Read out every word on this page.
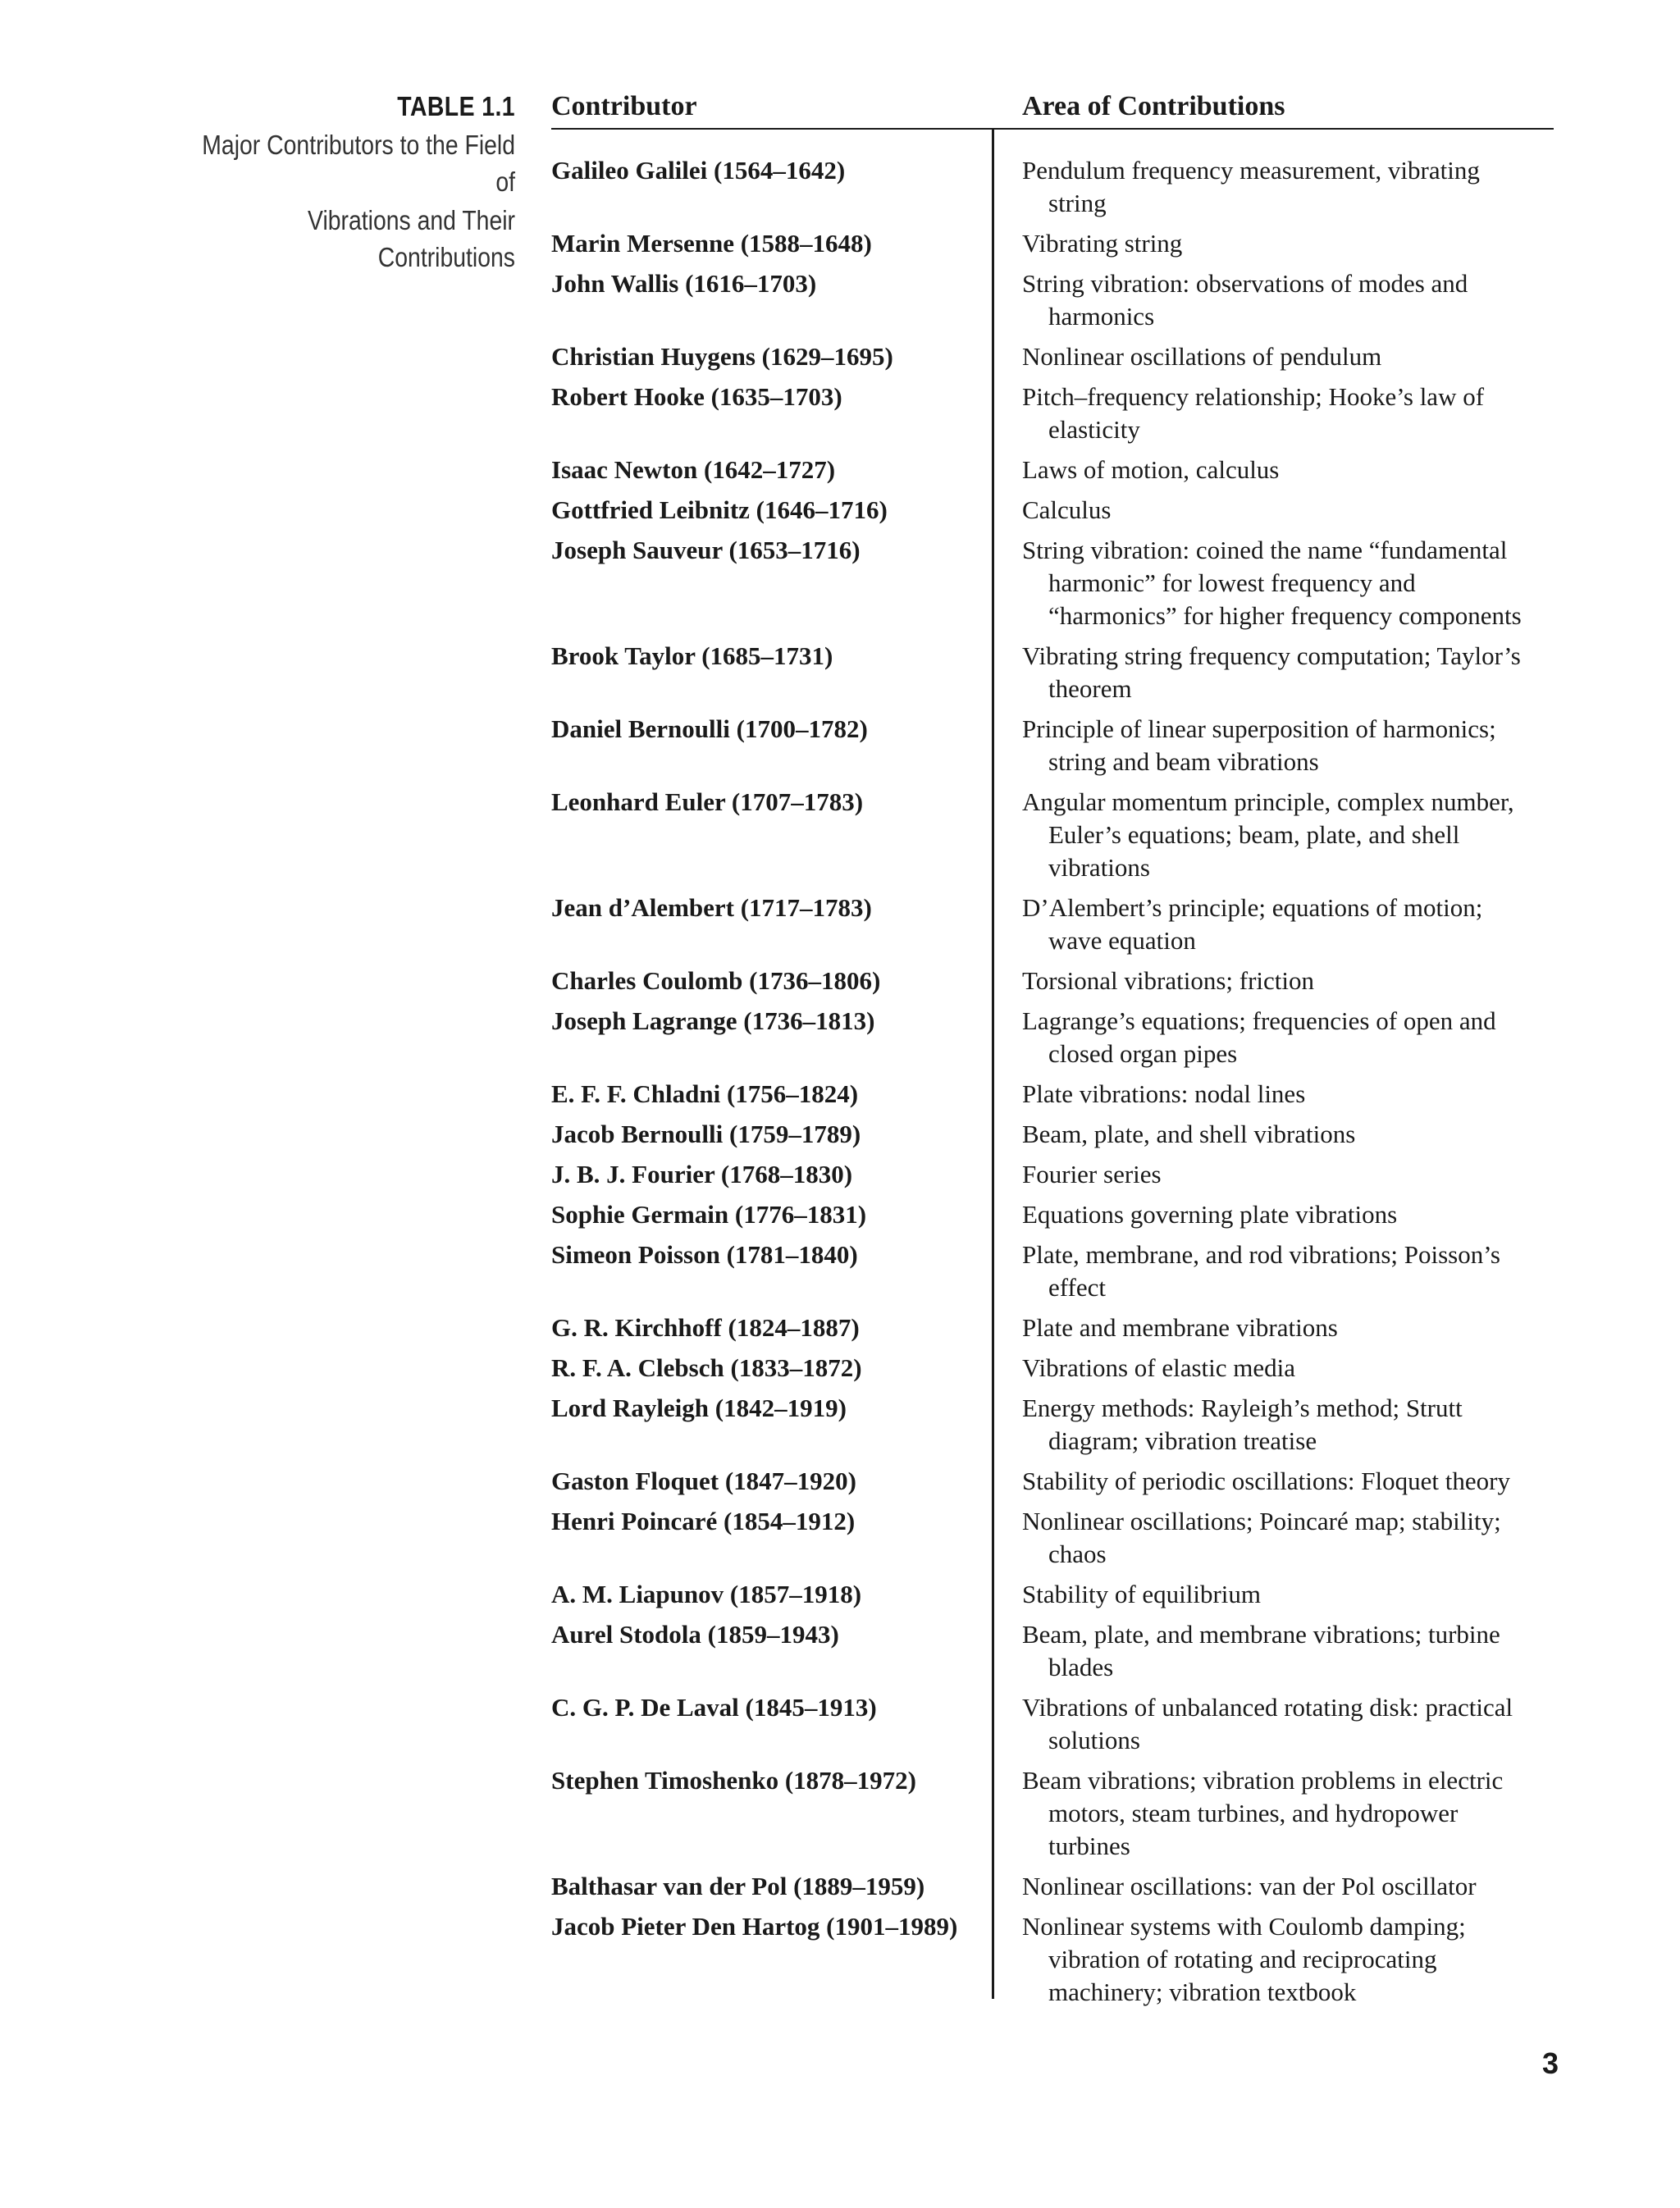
TABLE 1.1
Major Contributors to the Field of
Vibrations and Their Contributions
Contributor	Area of Contributions
Galileo Galilei (1564–1642)	Pendulum frequency measurement, vibrating string
Marin Mersenne (1588–1648)	Vibrating string
John Wallis (1616–1703)	String vibration: observations of modes and harmonics
Christian Huygens (1629–1695)	Nonlinear oscillations of pendulum
Robert Hooke (1635–1703)	Pitch–frequency relationship; Hooke’s law of elasticity
Isaac Newton (1642–1727)	Laws of motion, calculus
Gottfried Leibnitz (1646–1716)	Calculus
Joseph Sauveur (1653–1716)	String vibration: coined the name “fundamental harmonic” for lowest frequency and “harmonics” for higher frequency components
Brook Taylor (1685–1731)	Vibrating string frequency computation; Taylor’s theorem
Daniel Bernoulli (1700–1782)	Principle of linear superposition of harmonics; string and beam vibrations
Leonhard Euler (1707–1783)	Angular momentum principle, complex number, Euler’s equations; beam, plate, and shell vibrations
Jean d’Alembert (1717–1783)	D’Alembert’s principle; equations of motion; wave equation
Charles Coulomb (1736–1806)	Torsional vibrations; friction
Joseph Lagrange (1736–1813)	Lagrange’s equations; frequencies of open and closed organ pipes
E. F. F. Chladni (1756–1824)	Plate vibrations: nodal lines
Jacob Bernoulli (1759–1789)	Beam, plate, and shell vibrations
J. B. J. Fourier (1768–1830)	Fourier series
Sophie Germain (1776–1831)	Equations governing plate vibrations
Simeon Poisson (1781–1840)	Plate, membrane, and rod vibrations; Poisson’s effect
G. R. Kirchhoff (1824–1887)	Plate and membrane vibrations
R. F. A. Clebsch (1833–1872)	Vibrations of elastic media
Lord Rayleigh (1842–1919)	Energy methods: Rayleigh’s method; Strutt diagram; vibration treatise
Gaston Floquet (1847–1920)	Stability of periodic oscillations: Floquet theory
Henri Poincaré (1854–1912)	Nonlinear oscillations; Poincaré map; stability; chaos
A. M. Liapunov (1857–1918)	Stability of equilibrium
Aurel Stodola (1859–1943)	Beam, plate, and membrane vibrations; turbine blades
C. G. P. De Laval (1845–1913)	Vibrations of unbalanced rotating disk: practical solutions
Stephen Timoshenko (1878–1972)	Beam vibrations; vibration problems in electric motors, steam turbines, and hydropower turbines
Balthasar van der Pol (1889–1959)	Nonlinear oscillations: van der Pol oscillator
Jacob Pieter Den Hartog (1901–1989)	Nonlinear systems with Coulomb damping; vibration of rotating and reciprocating machinery; vibration textbook
3
